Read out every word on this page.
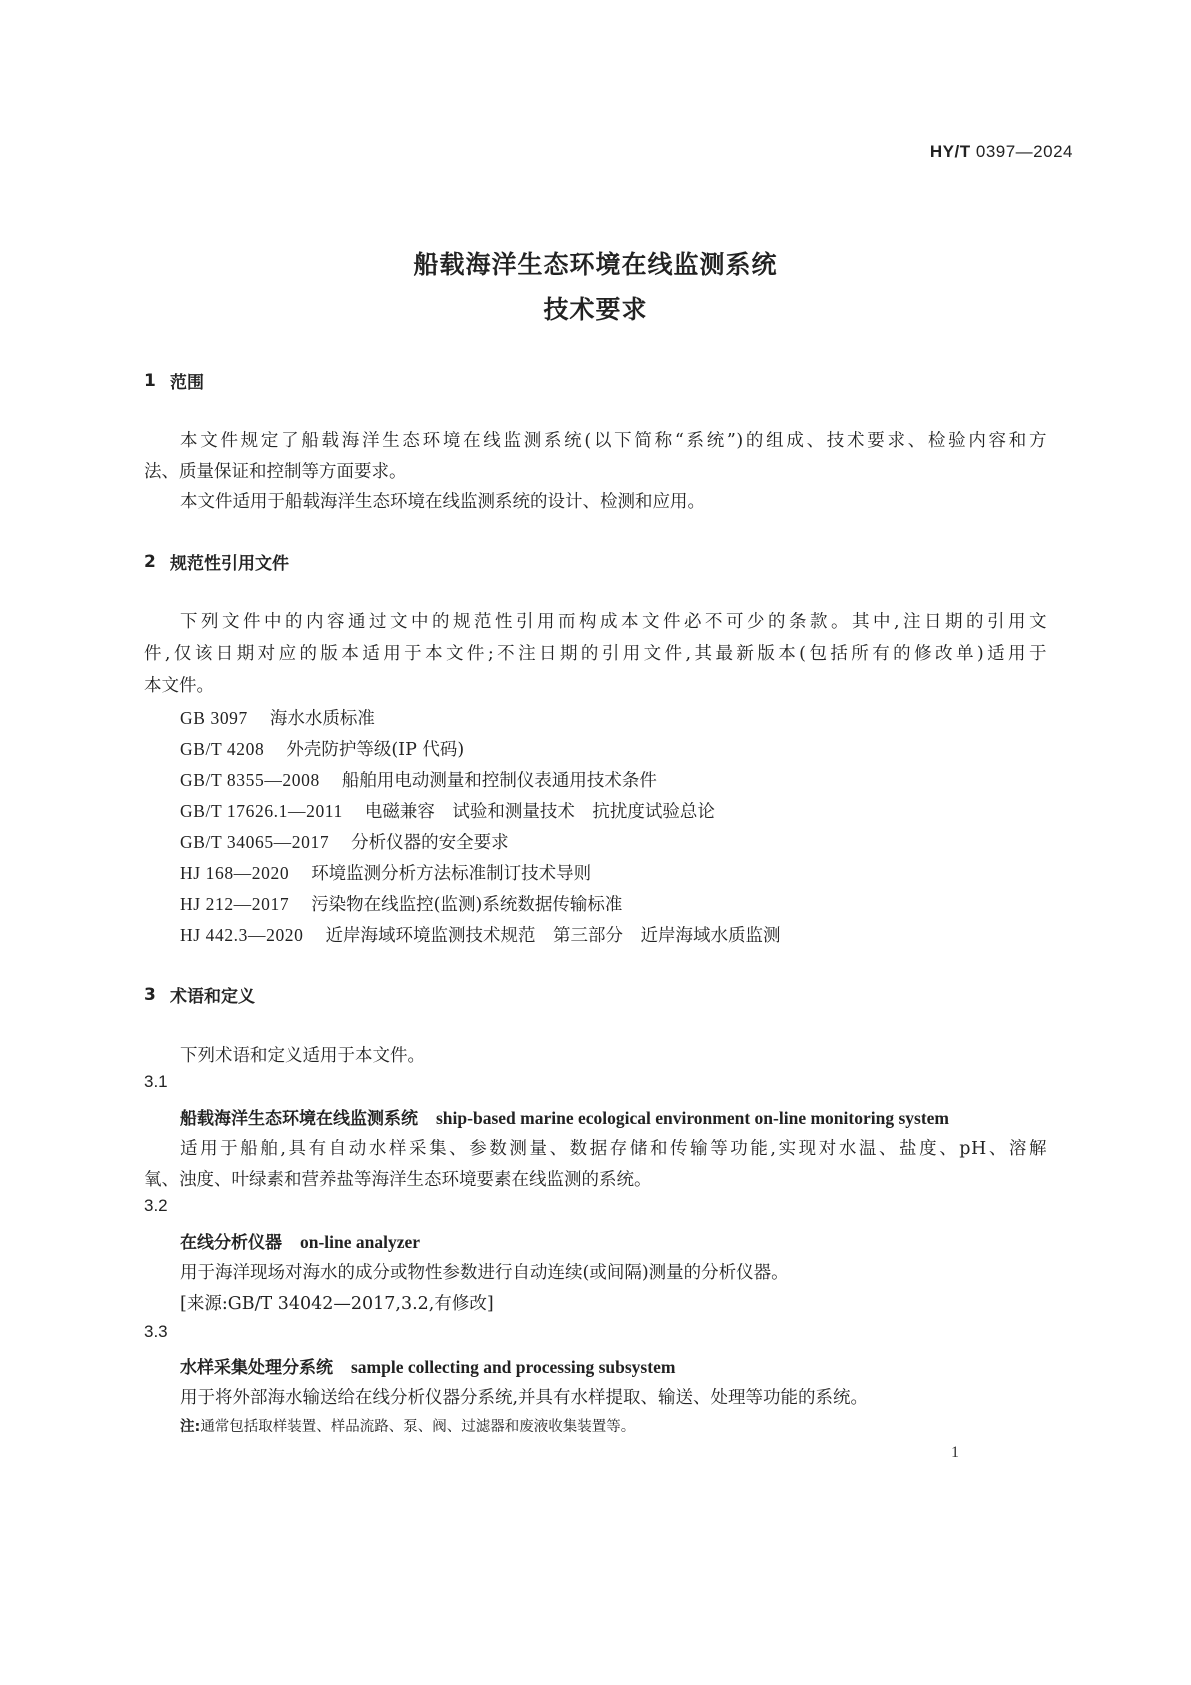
HY/T 0397—2024
船载海洋生态环境在线监测系统
技术要求
1 范围
本文件规定了船载海洋生态环境在线监测系统(以下简称“系统”)的组成、技术要求、检验内容和方
法、质量保证和控制等方面要求。
本文件适用于船载海洋生态环境在线监测系统的设计、检测和应用。
2 规范性引用文件
下列文件中的内容通过文中的规范性引用而构成本文件必不可少的条款。其中,注日期的引用文
件,仅该日期对应的版本适用于本文件;不注日期的引用文件,其最新版本(包括所有的修改单)适用于
本文件。
GB 3097 海水水质标准
GB/T 4208 外壳防护等级(IP 代码)
GB/T 8355—2008 船舶用电动测量和控制仪表通用技术条件
GB/T 17626.1—2011 电磁兼容　试验和测量技术　抗扰度试验总论
GB/T 34065—2017 分析仪器的安全要求
HJ 168—2020 环境监测分析方法标准制订技术导则
HJ 212—2017 污染物在线监控(监测)系统数据传输标准
HJ 442.3—2020 近岸海域环境监测技术规范　第三部分　近岸海域水质监测
3 术语和定义
下列术语和定义适用于本文件。
3.1
船载海洋生态环境在线监测系统 ship-based marine ecological environment on-line monitoring system
适用于船舶,具有自动水样采集、参数测量、数据存储和传输等功能,实现对水温、盐度、pH、溶解
氧、浊度、叶绿素和营养盐等海洋生态环境要素在线监测的系统。
3.2
在线分析仪器 on-line analyzer
用于海洋现场对海水的成分或物性参数进行自动连续(或间隔)测量的分析仪器。
[来源:GB/T 34042—2017,3.2,有修改]
3.3
水样采集处理分系统 sample collecting and processing subsystem
用于将外部海水输送给在线分析仪器分系统,并具有水样提取、输送、处理等功能的系统。
注:通常包括取样装置、样品流路、泵、阀、过滤器和废液收集装置等。
1
